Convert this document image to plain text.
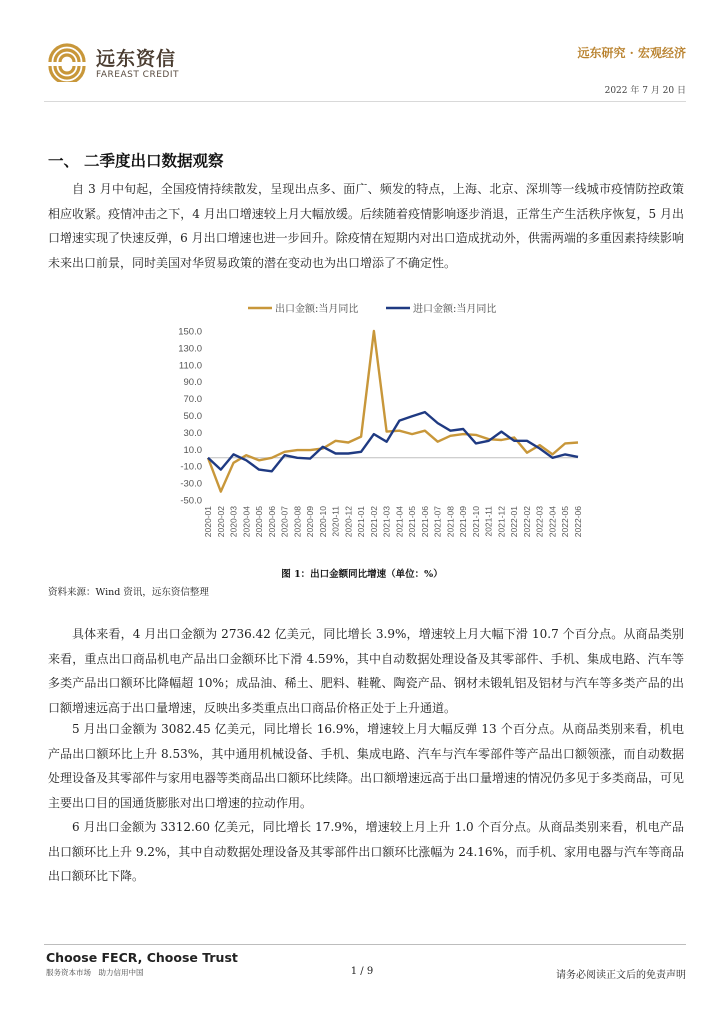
远东资信
FAREAST CREDIT
远东研究 · 宏观经济
2022 年 7 月 20 日
一、 二季度出口数据观察

自 3 月中旬起，全国疫情持续散发，呈现出点多、面广、频发的特点，上海、北京、深圳等一线城市疫情防控政策相应收紧。疫情冲击之下，4 月出口增速较上月大幅放缓。后续随着疫情影响逐步消退，正常生产生活秩序恢复，5 月出口增速实现了快速反弹，6 月出口增速也进一步回升。除疫情在短期内对出口造成扰动外，供需两端的多重因素持续影响未来出口前景，同时美国对华贸易政策的潜在变动也为出口增添了不确定性。

150.0
130.0
110.0
90.0
70.0
50.0
30.0
10.0
-10.0
-30.0
-50.0
2020-01 2020-02 2020-03 2020-04 2020-05 2020-06 2020-07 2020-08 2020-09 2020-10 2020-11 2020-12 2021-01 2021-02 2021-03 2021-04 2021-05 2021-06 2021-07 2021-08 2021-09 2021-10 2021-11 2021-12 2022-01 2022-02 2022-03 2022-04 2022-05 2022-06
出口金额:当月同比	进口金额:当月同比
图 1：出口金额同比增速（单位：%）
资料来源：Wind 资讯，远东资信整理

具体来看，4 月出口金额为 2736.42 亿美元，同比增长 3.9%，增速较上月大幅下滑 10.7 个百分点。从商品类别来看，重点出口商品机电产品出口金额环比下滑 4.59%，其中自动数据处理设备及其零部件、手机、集成电路、汽车等多类产品出口额环比降幅超 10%；成品油、稀土、肥料、鞋靴、陶瓷产品、钢材未锻轧铝及铝材与汽车等多类产品的出口额增速远高于出口量增速，反映出多类重点出口商品价格正处于上升通道。

5 月出口金额为 3082.45 亿美元，同比增长 16.9%，增速较上月大幅反弹 13 个百分点。从商品类别来看，机电产品出口额环比上升 8.53%，其中通用机械设备、手机、集成电路、汽车与汽车零部件等产品出口额领涨，而自动数据处理设备及其零部件与家用电器等类商品出口额环比续降。出口额增速远高于出口量增速的情况仍多见于多类商品，可见主要出口目的国通货膨胀对出口增速的拉动作用。

6 月出口金额为 3312.60 亿美元，同比增长 17.9%，增速较上月上升 1.0 个百分点。从商品类别来看，机电产品出口额环比上升 9.2%，其中自动数据处理设备及其零部件出口额环比涨幅为 24.16%，而手机、家用电器与汽车等商品出口额环比下降。

Choose FECR, Choose Trust
服务资本市场　助力信用中国	1 / 9	请务必阅读正文后的免责声明
